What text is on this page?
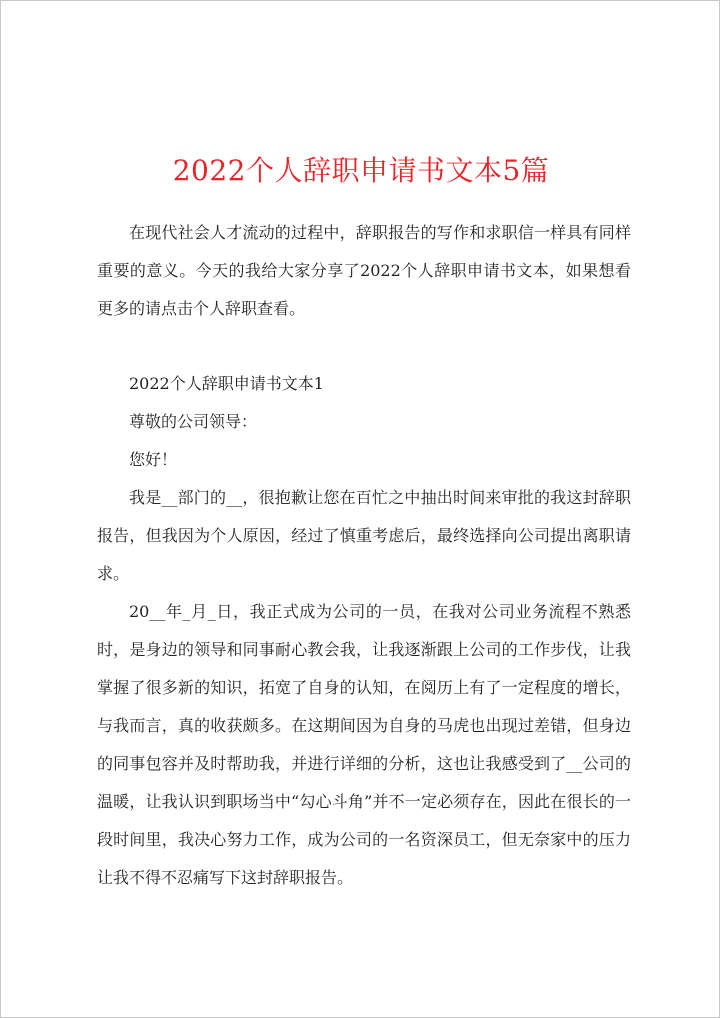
2022个人辞职申请书文本5篇

在现代社会人才流动的过程中，辞职报告的写作和求职信一样具有同样重要的意义。今天的我给大家分享了2022个人辞职申请书文本，如果想看更多的请点击个人辞职查看。

2022个人辞职申请书文本1

尊敬的公司领导：

您好！

我是__部门的__，很抱歉让您在百忙之中抽出时间来审批的我这封辞职报告，但我因为个人原因，经过了慎重考虑后，最终选择向公司提出离职请求。

20__年_月_日，我正式成为公司的一员，在我对公司业务流程不熟悉时，是身边的领导和同事耐心教会我，让我逐渐跟上公司的工作步伐，让我掌握了很多新的知识，拓宽了自身的认知，在阅历上有了一定程度的增长，与我而言，真的收获颇多。在这期间因为自身的马虎也出现过差错，但身边的同事包容并及时帮助我，并进行详细的分析，这也让我感受到了__公司的温暖，让我认识到职场当中“勾心斗角”并不一定必须存在，因此在很长的一段时间里，我决心努力工作，成为公司的一名资深员工，但无奈家中的压力让我不得不忍痛写下这封辞职报告。
